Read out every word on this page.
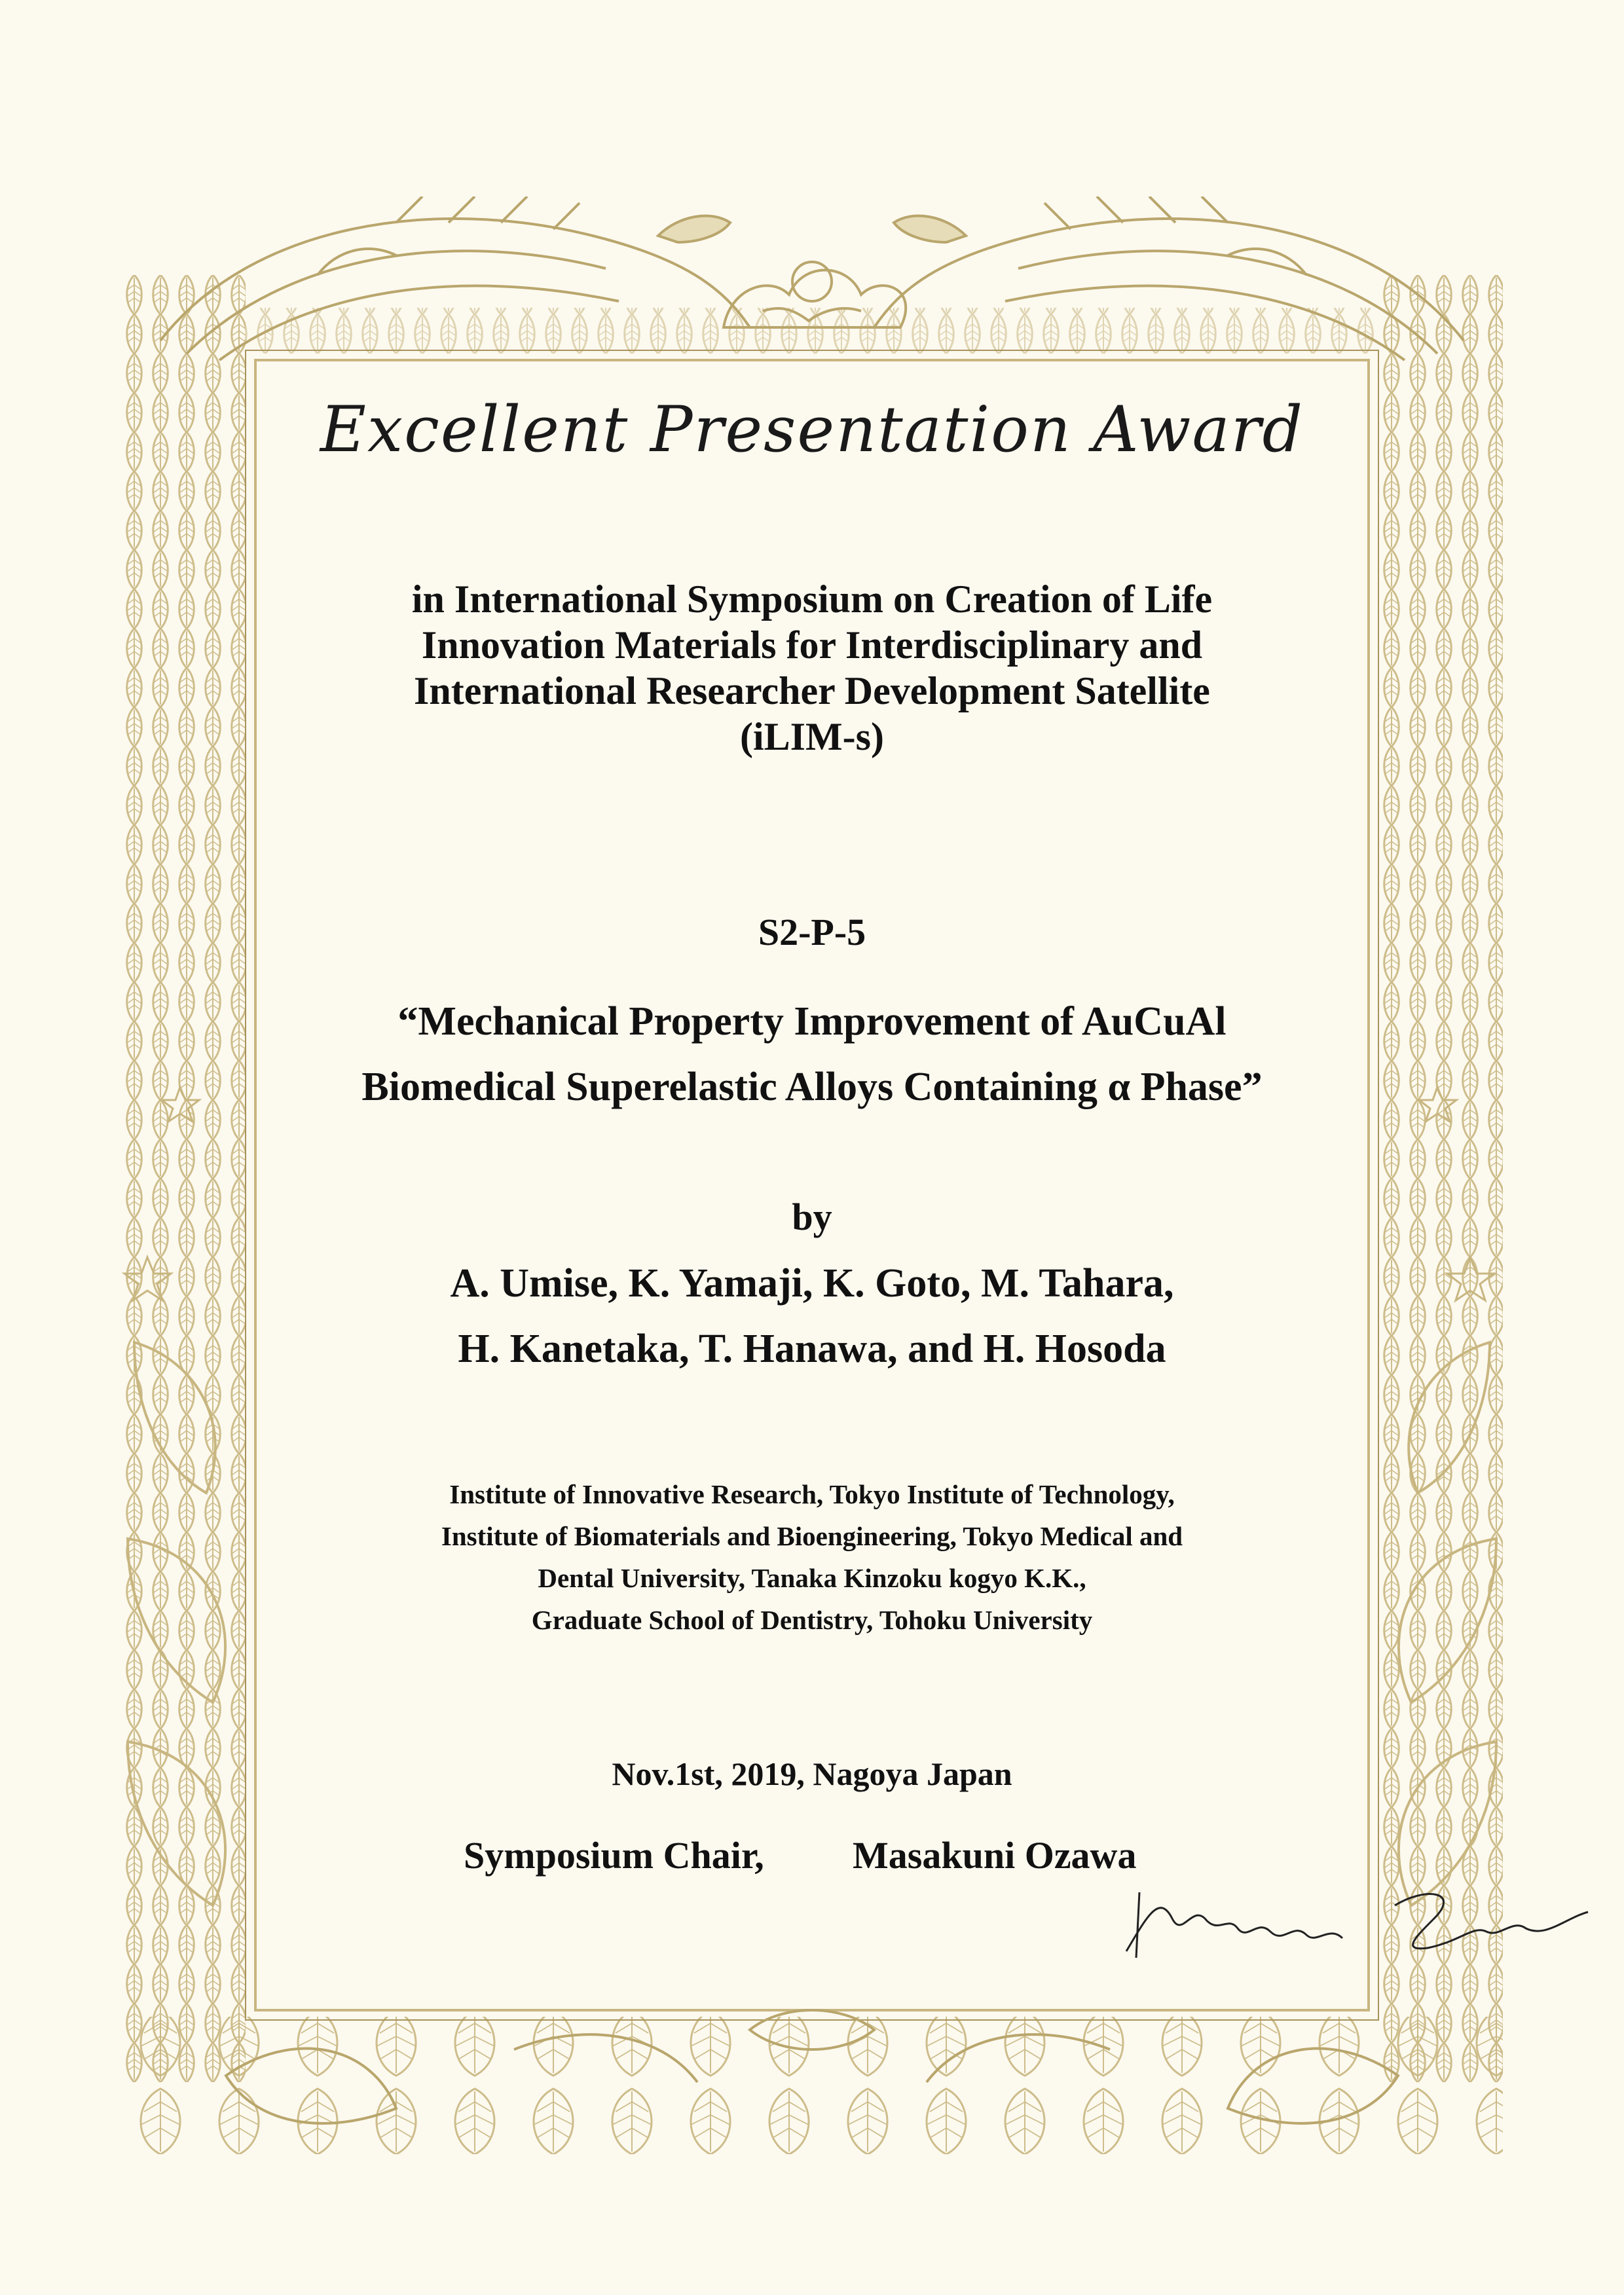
Excellent Presentation Award
in International Symposium on Creation of Life
Innovation Materials for Interdisciplinary and
International Researcher Development Satellite
(iLIM-s)
S2-P-5
“Mechanical Property Improvement of AuCuAl
Biomedical Superelastic Alloys Containing α Phase”
by
A. Umise, K. Yamaji, K. Goto, M. Tahara,
H. Kanetaka, T. Hanawa, and H. Hosoda
Institute of Innovative Research, Tokyo Institute of Technology,
Institute of Biomaterials and Bioengineering, Tokyo Medical and
Dental University, Tanaka Kinzoku kogyo K.K.,
Graduate School of Dentistry, Tohoku University
Nov.1st, 2019, Nagoya Japan
Symposium Chair, Masakuni Ozawa
